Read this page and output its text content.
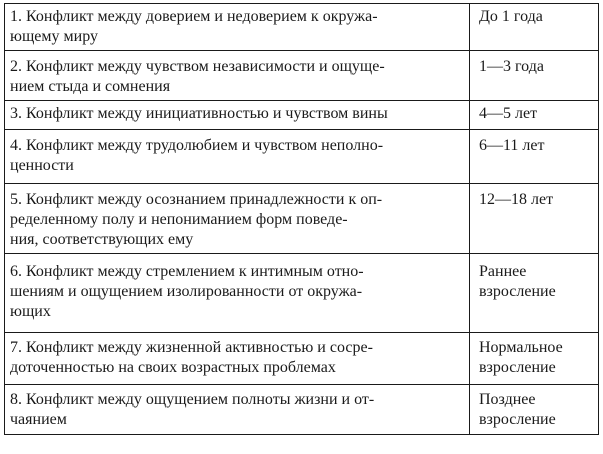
1. Конфликт между доверием и недоверием к окружа-
ющему миру	До 1 года

2. Конфликт между чувством независимости и ощуще-
нием стыда и сомнения	1—3 года

3. Конфликт между инициативностью и чувством вины	4—5 лет

4. Конфликт между трудолюбием и чувством неполно-
ценности	6—11 лет

5. Конфликт между осознанием принадлежности к оп-
ределенному полу и непониманием форм поведе-
ния, соответствующих ему	12—18 лет

6. Конфликт между стремлением к интимным отно-
шениям и ощущением изолированности от окружа-
ющих	Раннее
взросление

7. Конфликт между жизненной активностью и сосре-
доточенностью на своих возрастных проблемах	Нормальное
взросление

8. Конфликт между ощущением полноты жизни и от-
чаянием	Позднее
взросление
